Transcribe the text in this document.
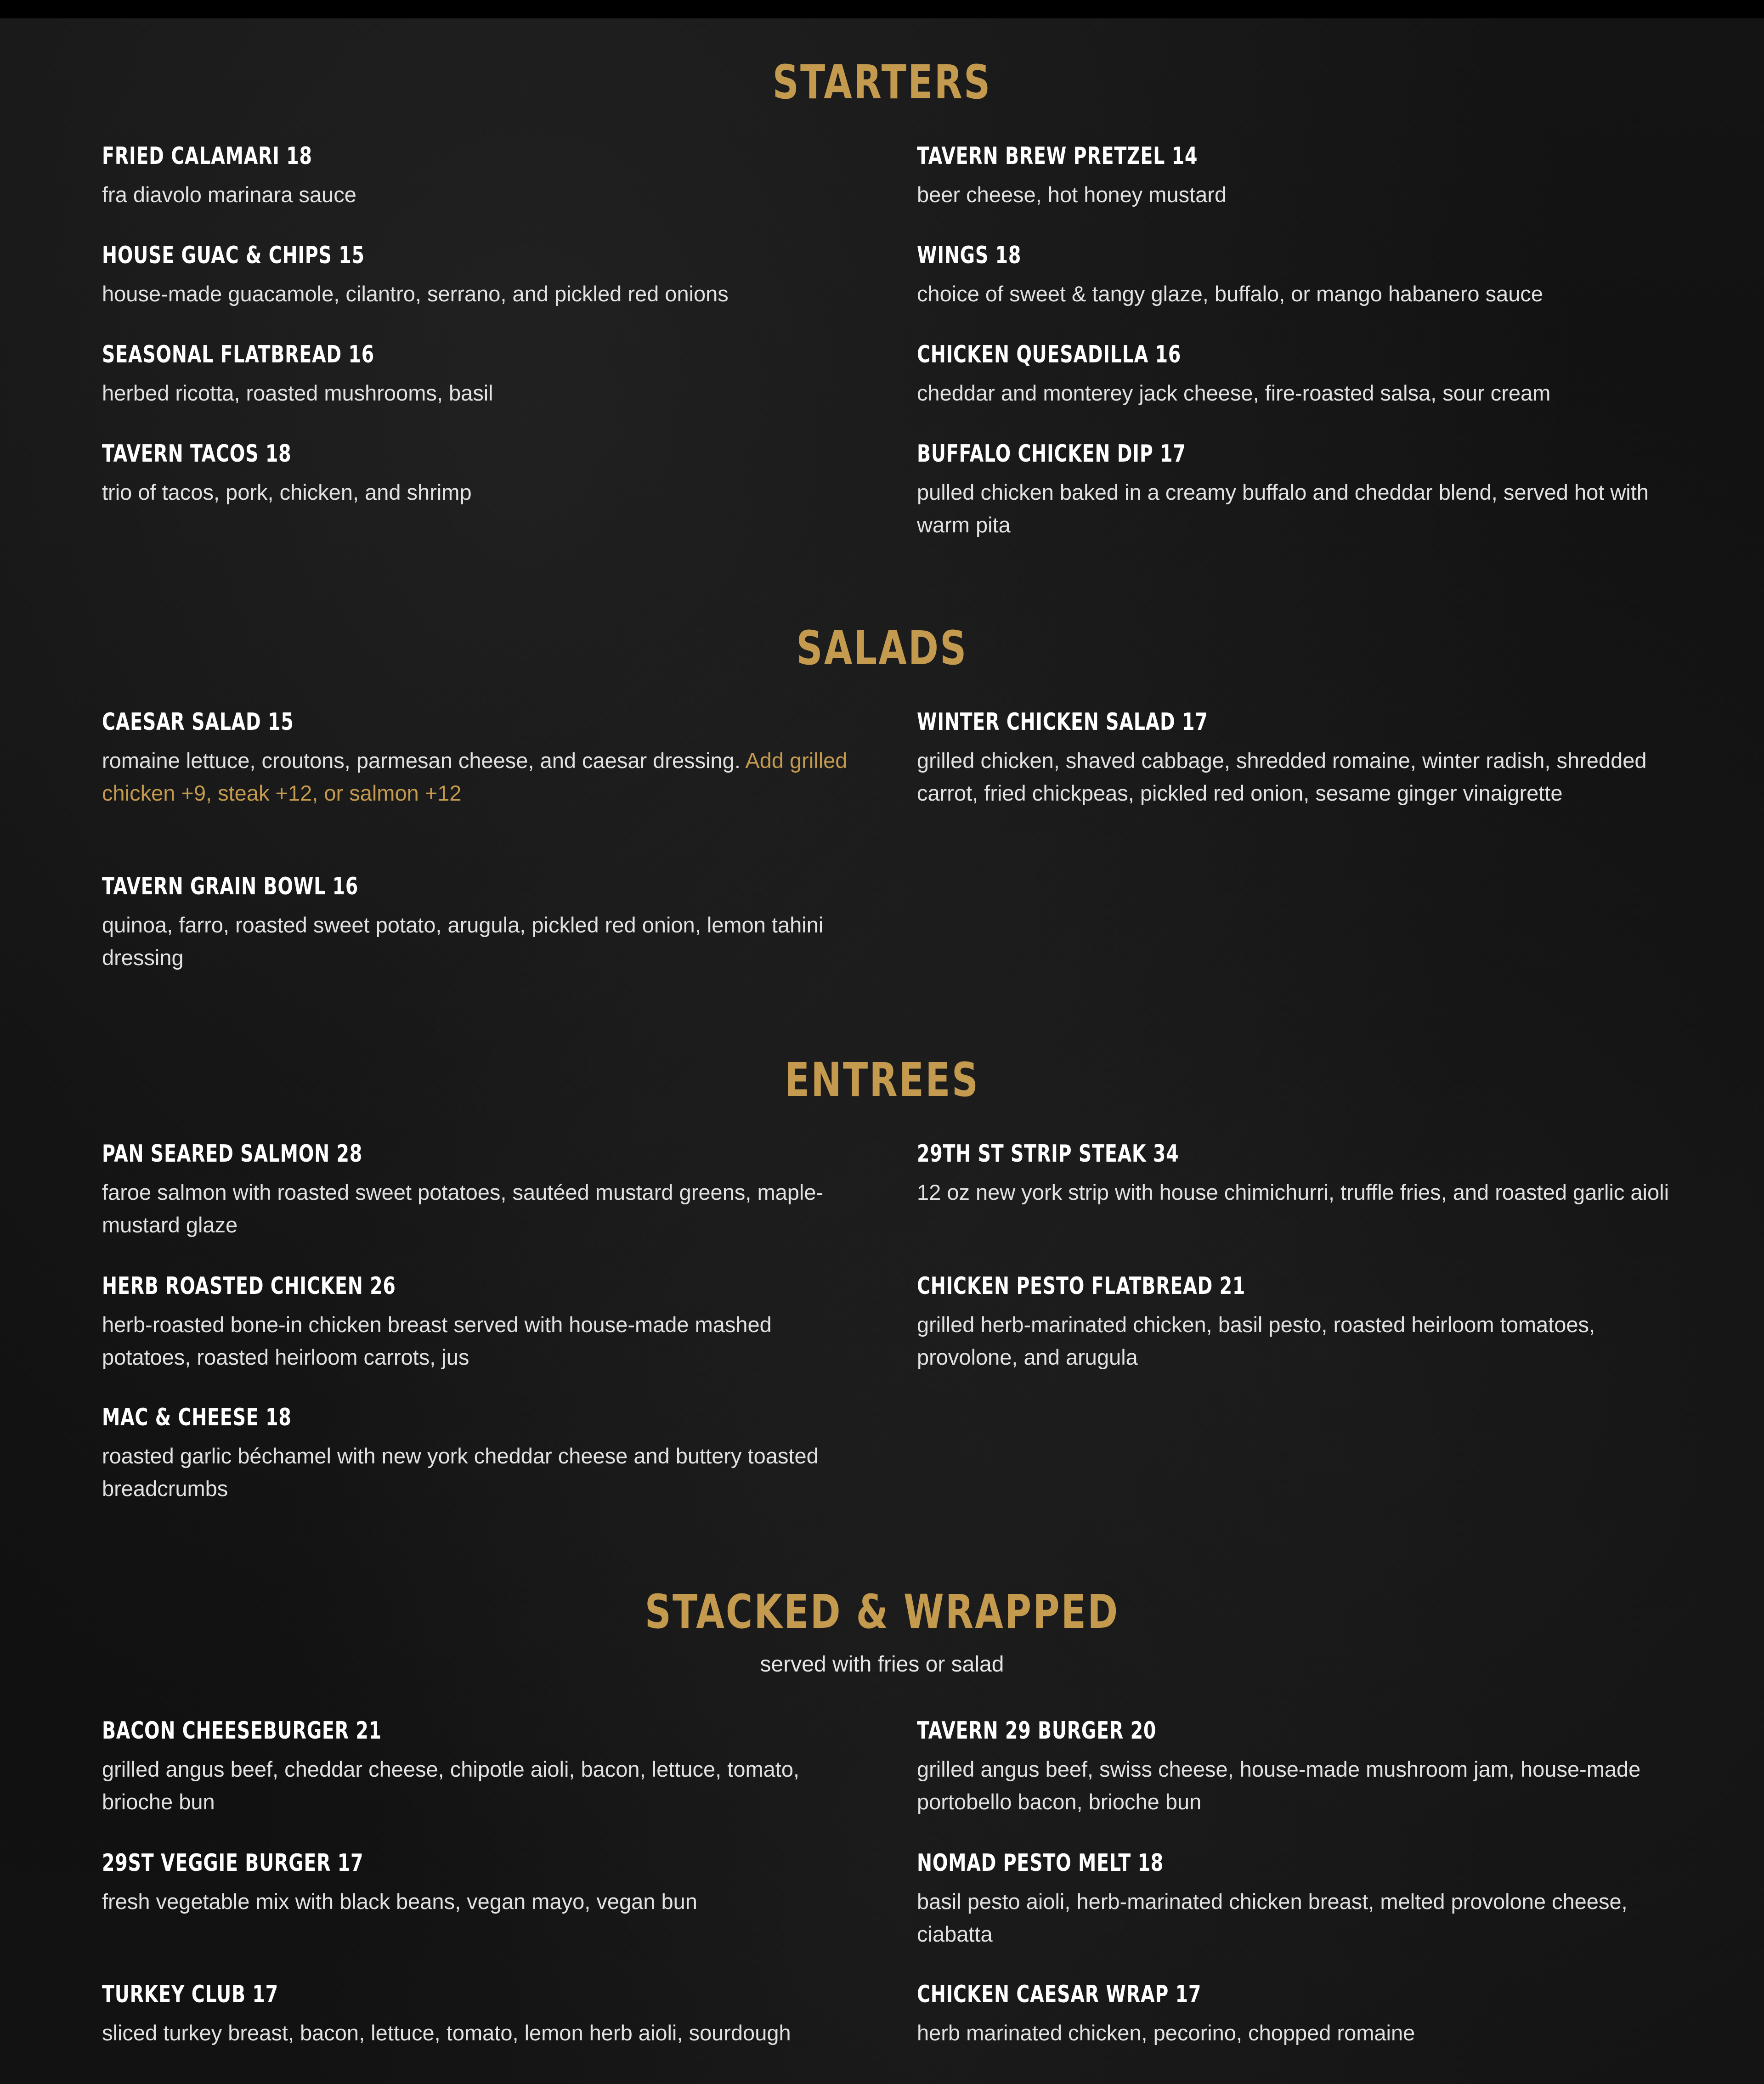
STARTERS
FRIED CALAMARI 18
fra diavolo marinara sauce
TAVERN BREW PRETZEL 14
beer cheese, hot honey mustard
HOUSE GUAC & CHIPS 15
house-made guacamole, cilantro, serrano, and pickled red onions
WINGS 18
choice of sweet & tangy glaze, buffalo, or mango habanero sauce
SEASONAL FLATBREAD 16
herbed ricotta, roasted mushrooms, basil
CHICKEN QUESADILLA 16
cheddar and monterey jack cheese, fire-roasted salsa, sour cream
TAVERN TACOS 18
trio of tacos, pork, chicken, and shrimp
BUFFALO CHICKEN DIP 17
pulled chicken baked in a creamy buffalo and cheddar blend, served hot with warm pita
SALADS
CAESAR SALAD 15
romaine lettuce, croutons, parmesan cheese, and caesar dressing. Add grilled chicken +9, steak +12, or salmon +12
WINTER CHICKEN SALAD 17
grilled chicken, shaved cabbage, shredded romaine, winter radish, shredded carrot, fried chickpeas, pickled red onion, sesame ginger vinaigrette
TAVERN GRAIN BOWL 16
quinoa, farro, roasted sweet potato, arugula, pickled red onion, lemon tahini dressing
ENTREES
PAN SEARED SALMON 28
faroe salmon with roasted sweet potatoes, sautéed mustard greens, maple-mustard glaze
29TH ST STRIP STEAK 34
12 oz new york strip with house chimichurri, truffle fries, and roasted garlic aioli
HERB ROASTED CHICKEN 26
herb-roasted bone-in chicken breast served with house-made mashed potatoes, roasted heirloom carrots, jus
CHICKEN PESTO FLATBREAD 21
grilled herb-marinated chicken, basil pesto, roasted heirloom tomatoes, provolone, and arugula
MAC & CHEESE 18
roasted garlic béchamel with new york cheddar cheese and buttery toasted breadcrumbs
STACKED & WRAPPED
served with fries or salad
BACON CHEESEBURGER 21
grilled angus beef, cheddar cheese, chipotle aioli, bacon, lettuce, tomato, brioche bun
TAVERN 29 BURGER 20
grilled angus beef, swiss cheese, house-made mushroom jam, house-made portobello bacon, brioche bun
29ST VEGGIE BURGER 17
fresh vegetable mix with black beans, vegan mayo, vegan bun
NOMAD PESTO MELT 18
basil pesto aioli, herb-marinated chicken breast, melted provolone cheese, ciabatta
TURKEY CLUB 17
sliced turkey breast, bacon, lettuce, tomato, lemon herb aioli, sourdough
CHICKEN CAESAR WRAP 17
herb marinated chicken, pecorino, chopped romaine
